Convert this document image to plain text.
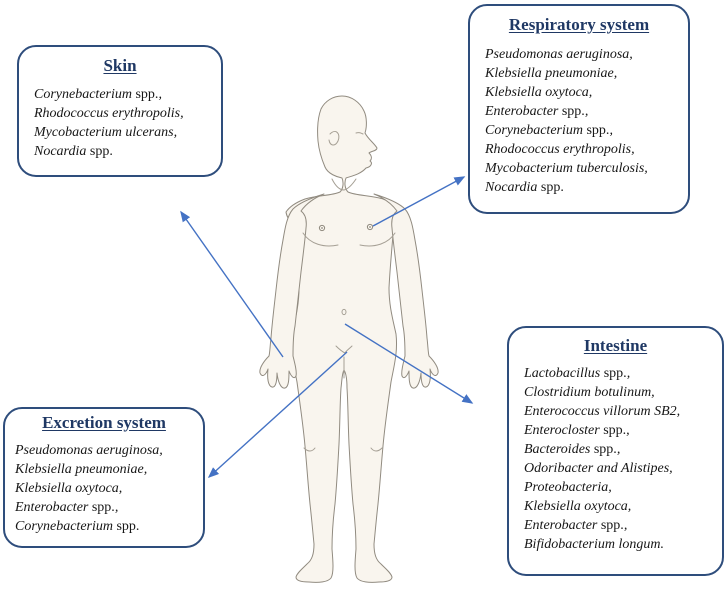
Skin
Corynebacterium spp.,
Rhodococcus erythropolis,
Mycobacterium ulcerans,
Nocardia spp.
Respiratory system
Pseudomonas aeruginosa,
Klebsiella pneumoniae,
Klebsiella oxytoca,
Enterobacter spp.,
Corynebacterium spp.,
Rhodococcus erythropolis,
Mycobacterium tuberculosis,
Nocardia spp.
Intestine
Lactobacillus spp.,
Clostridium botulinum,
Enterococcus villorum SB2,
Enterocloster spp.,
Bacteroides spp.,
Odoribacter and Alistipes,
Proteobacteria,
Klebsiella oxytoca,
Enterobacter spp.,
Bifidobacterium longum.
Excretion system
Pseudomonas aeruginosa,
Klebsiella pneumoniae,
Klebsiella oxytoca,
Enterobacter spp.,
Corynebacterium spp.
